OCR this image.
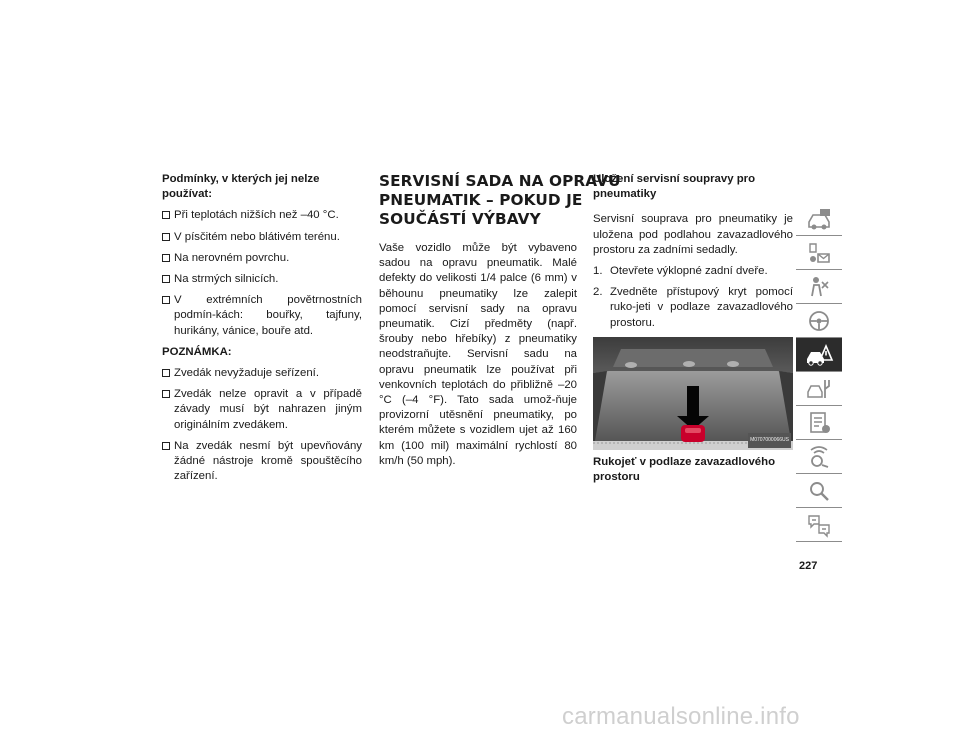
Podmínky, v kterých jej nelze používat:
Při teplotách nižších než –40 °C.
V písčitém nebo blátivém terénu.
Na nerovném povrchu.
Na strmých silnicích.
V extrémních povětrnostních podmín-kách: bouřky, tajfuny, hurikány, vánice, bouře atd.
POZNÁMKA:
Zvedák nevyžaduje seřízení.
Zvedák nelze opravit a v případě závady musí být nahrazen jiným originálním zvedákem.
Na zvedák nesmí být upevňovány žádné nástroje kromě spouštěcího zařízení.
SERVISNÍ SADA NA OPRAVU
PNEUMATIK – POKUD JE
SOUČÁSTÍ VÝBAVY
Vaše vozidlo může být vybaveno sadou na opravu pneumatik. Malé defekty do velikosti 1/4 palce (6 mm) v běhounu pneumatiky lze zalepit pomocí servisní sady na opravu pneumatik. Cizí předměty (např. šrouby nebo hřebíky) z pneumatiky neodstraňujte. Servisní sadu na opravu pneumatik lze používat při venkovních teplotách do přibližně –20 °C (–4 °F). Tato sada umož-ňuje provizorní utěsnění pneumatiky, po kterém můžete s vozidlem ujet až 160 km (100 mil) maximální rychlostí 80 km/h (50 mph).
Uložení servisní soupravy pro pneumatiky
Servisní souprava pro pneumatiky je uložena pod podlahou zavazadlového prostoru za zadními sedadly.
1. Otevřete výklopné zadní dveře.
2. Zvedněte přístupový kryt pomocí ruko-jeti v podlaze zavazadlového prostoru.
M0707000066US
Rukojeť v podlaze zavazadlového prostoru
227
carmanualsonline.info
